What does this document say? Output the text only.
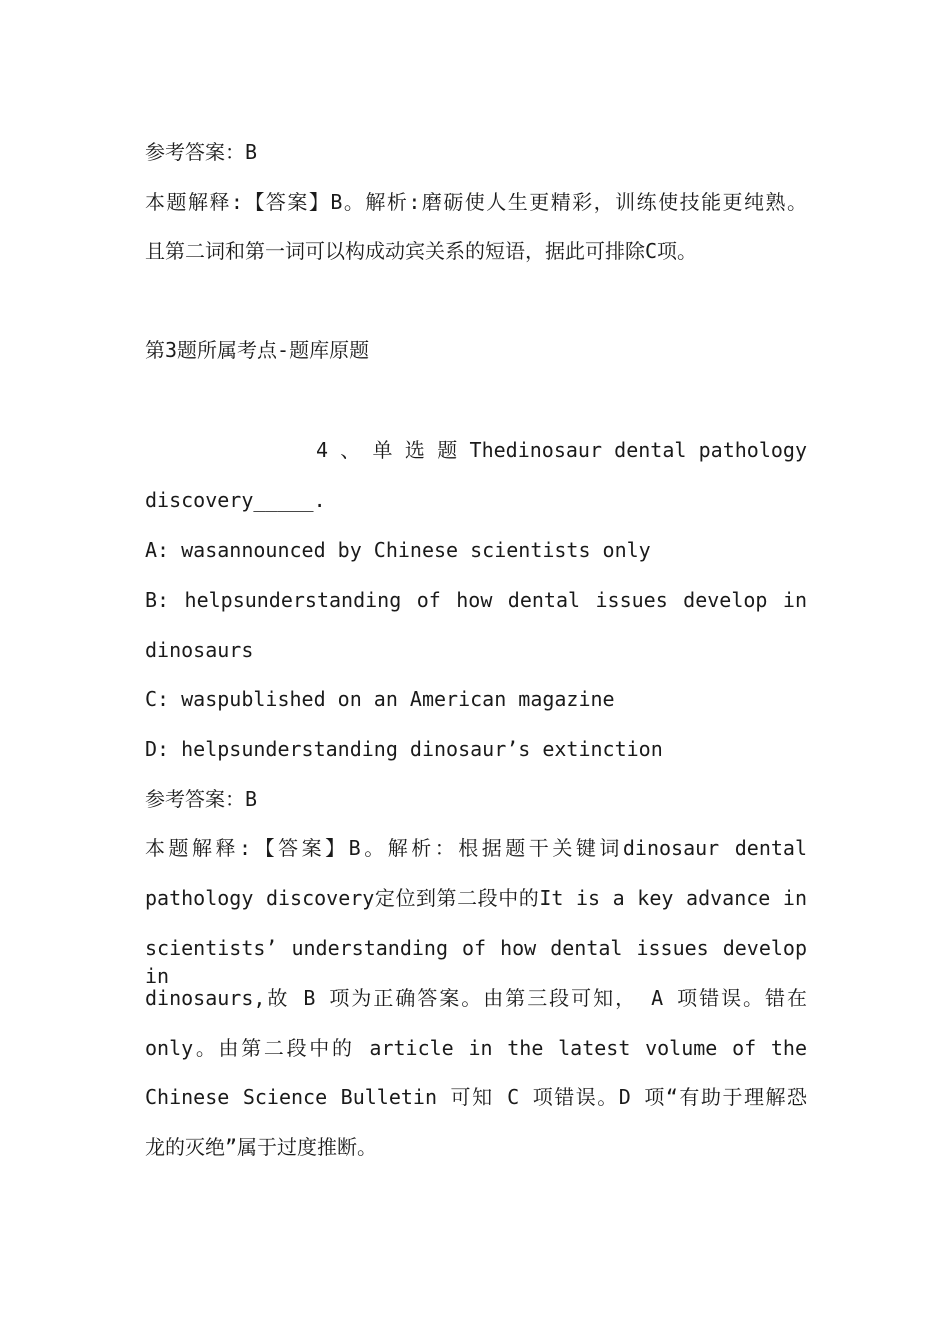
参考答案：B
本题解释:【答案】B。解析:磨砺使人生更精彩，训练使技能更纯熟。
且第二词和第一词可以构成动宾关系的短语，据此可排除C项。
第3题所属考点-题库原题
4 、 单 选 题 Thedinosaur dental pathology
discovery_____.
A: wasannounced by Chinese scientists only
B: helpsunderstanding of how dental issues develop in
dinosaurs
C: waspublished on an American magazine
D: helpsunderstanding dinosaur’s extinction
参考答案：B
本题解释:【答案】B。解析：根据题干关键词dinosaur dental
pathology discovery定位到第二段中的It is a key advance in
scientists’ understanding of how dental issues develop in
dinosaurs,故 B 项为正确答案。由第三段可知， A 项错误。错在
only。由第二段中的 article in the latest volume of the
Chinese Science Bulletin 可知 C 项错误。D 项“有助于理解恐
龙的灭绝”属于过度推断。
